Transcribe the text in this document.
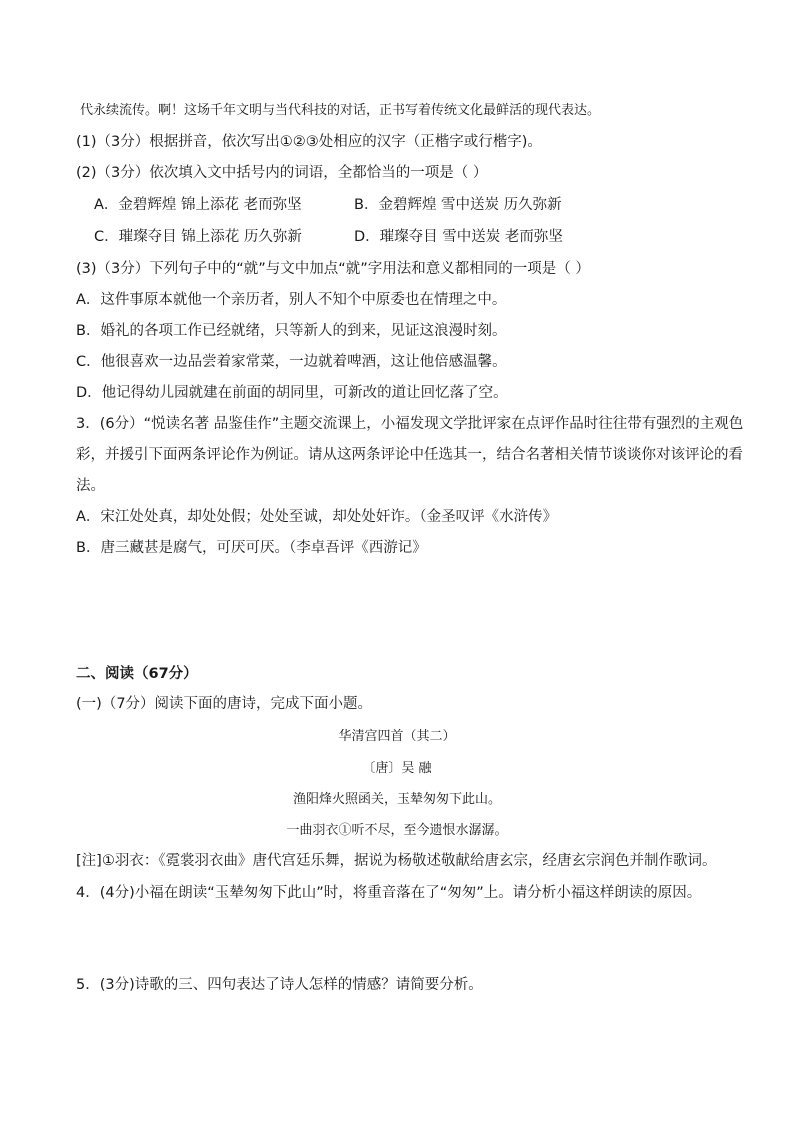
代永续流传。啊！这场千年文明与当代科技的对话，正书写着传统文化最鲜活的现代表达。
(1)（3分）根据拼音，依次写出①②③处相应的汉字（正楷字或行楷字)。
(2)（3分）依次填入文中括号内的词语，全都恰当的一项是（ ）
A．金碧辉煌 锦上添花 老而弥坚	B．金碧辉煌 雪中送炭 历久弥新
C．璀璨夺目 锦上添花 历久弥新	D．璀璨夺目 雪中送炭 老而弥坚
(3)（3分）下列句子中的“就”与文中加点“就”字用法和意义都相同的一项是（ ）
A．这件事原本就他一个亲历者，别人不知个中原委也在情理之中。
B．婚礼的各项工作已经就绪，只等新人的到来，见证这浪漫时刻。
C．他很喜欢一边品尝着家常菜，一边就着啤酒，这让他倍感温馨。
D．他记得幼儿园就建在前面的胡同里，可新改的道让回忆落了空。
3．(6分）“悦读名著 品鉴佳作”主题交流课上，小福发现文学批评家在点评作品时往往带有强烈的主观色
彩，并援引下面两条评论作为例证。请从这两条评论中任选其一，结合名著相关情节谈谈你对该评论的看
法。
A．宋江处处真，却处处假；处处至诚，却处处奸诈。（金圣叹评《水浒传》
B．唐三藏甚是腐气，可厌可厌。（李卓吾评《西游记》
二、阅读（67分）
(一)（7分）阅读下面的唐诗，完成下面小题。
华清宫四首（其二）
〔唐〕吴 融
渔阳烽火照函关，玉辇匆匆下此山。
一曲羽衣①听不尽，至今遗恨水潺潺。
[注]①羽衣：《霓裳羽衣曲》唐代宫廷乐舞，据说为杨敬述敬献给唐玄宗，经唐玄宗润色并制作歌词。
4．(4分)小福在朗读“玉辇匆匆下此山”时，将重音落在了“匆匆”上。请分析小福这样朗读的原因。
5．(3分)诗歌的三、四句表达了诗人怎样的情感？请简要分析。
